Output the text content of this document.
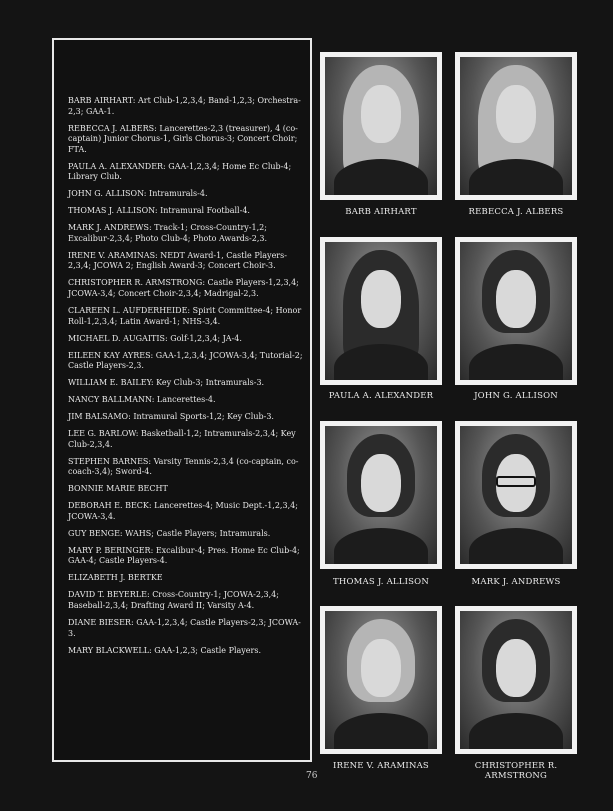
BARB AIRHART: Art Club-1,2,3,4; Band-1,2,3; Orchestra-2,3; GAA-1.

REBECCA J. ALBERS: Lancerettes-2,3 (treasurer), 4 (co-captain) Junior Chorus-1, Girls Chorus-3; Concert Choir; FTA.

PAULA A. ALEXANDER: GAA-1,2,3,4; Home Ec Club-4; Library Club.

JOHN G. ALLISON: Intramurals-4.

THOMAS J. ALLISON: Intramural Football-4.

MARK J. ANDREWS: Track-1; Cross-Country-1,2; Excalibur-2,3,4; Photo Club-4; Photo Awards-2,3.

IRENE V. ARAMINAS: NEDT Award-1, Castle Players-2,3,4; JCOWA 2; English Award-3; Concert Choir-3.

CHRISTOPHER R. ARMSTRONG: Castle Players-1,2,3,4; JCOWA-3,4; Concert Choir-2,3,4; Madrigal-2,3.

CLAREEN L. AUFDERHEIDE: Spirit Committee-4; Honor Roll-1,2,3,4; Latin Award-1; NHS-3,4.

MICHAEL D. AUGAITIS: Golf-1,2,3,4; JA-4.

EILEEN KAY AYRES: GAA-1,2,3,4; JCOWA-3,4; Tutorial-2; Castle Players-2,3.

WILLIAM E. BAILEY: Key Club-3; Intramurals-3.

NANCY BALLMANN: Lancerettes-4.

JIM BALSAMO: Intramural Sports-1,2; Key Club-3.

LEE G. BARLOW: Basketball-1,2; Intramurals-2,3,4; Key Club-2,3,4.

STEPHEN BARNES: Varsity Tennis-2,3,4 (co-captain, co-coach-3,4); Sword-4.

BONNIE MARIE BECHT

DEBORAH E. BECK: Lancerettes-4; Music Dept.-1,2,3,4; JCOWA-3,4.

GUY BENGE: WAHS; Castle Players; Intramurals.

MARY P. BERINGER: Excalibur-4; Pres. Home Ec Club-4; GAA-4; Castle Players-4.

ELIZABETH J. BERTKE

DAVID T. BEYERLE: Cross-Country-1; JCOWA-2,3,4; Baseball-2,3,4; Drafting Award II; Varsity A-4.

DIANE BIESER: GAA-1,2,3,4; Castle Players-2,3; JCOWA-3.

MARY BLACKWELL: GAA-1,2,3; Castle Players.

BARB AIRHART	REBECCA J. ALBERS
PAULA A. ALEXANDER	JOHN G. ALLISON
THOMAS J. ALLISON	MARK J. ANDREWS
IRENE V. ARAMINAS	CHRISTOPHER R. ARMSTRONG
76
